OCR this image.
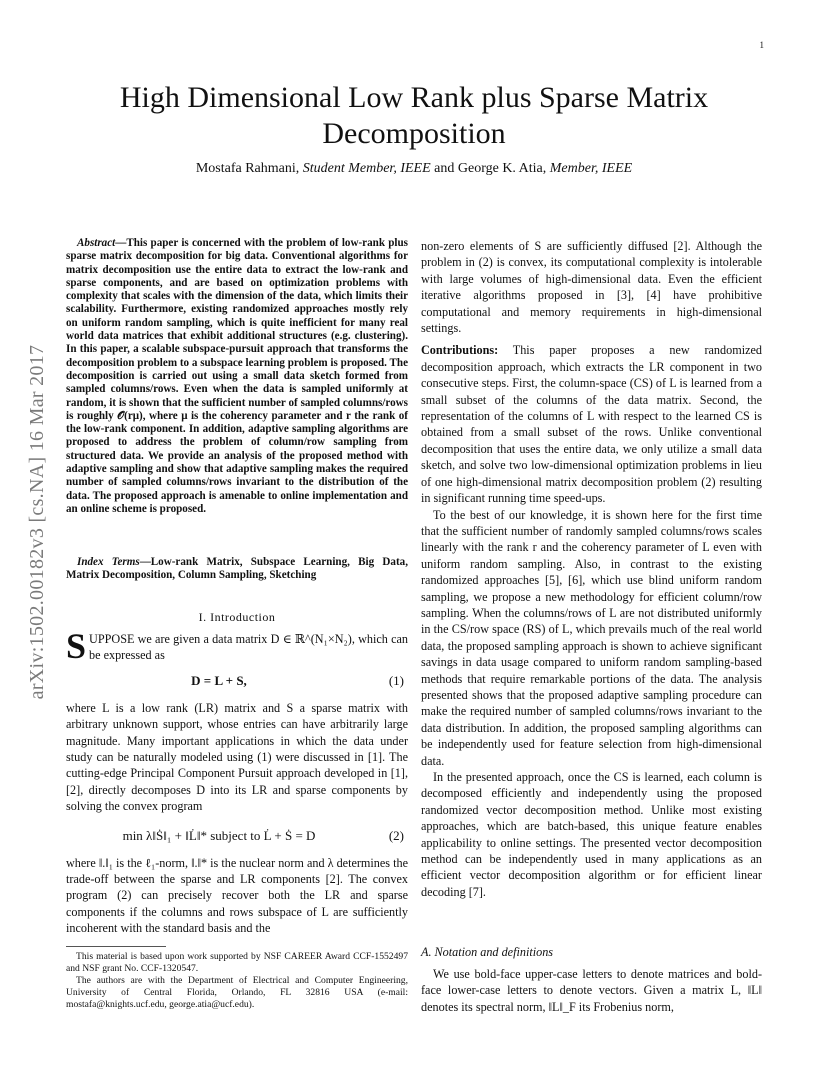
1
arXiv:1502.00182v3 [cs.NA] 16 Mar 2017
High Dimensional Low Rank plus Sparse Matrix Decomposition
Mostafa Rahmani, Student Member, IEEE and George K. Atia, Member, IEEE

Abstract—This paper is concerned with the problem of low-rank plus sparse matrix decomposition for big data. Conventional algorithms for matrix decomposition use the entire data to extract the low-rank and sparse components, and are based on optimization problems with complexity that scales with the dimension of the data, which limits their scalability. Furthermore, existing randomized approaches mostly rely on uniform random sampling, which is quite inefficient for many real world data matrices that exhibit additional structures (e.g. clustering). In this paper, a scalable subspace-pursuit approach that transforms the decomposition problem to a subspace learning problem is proposed. The decomposition is carried out using a small data sketch formed from sampled columns/rows. Even when the data is sampled uniformly at random, it is shown that the sufficient number of sampled columns/rows is roughly 𝒪(rμ), where μ is the coherency parameter and r the rank of the low-rank component. In addition, adaptive sampling algorithms are proposed to address the problem of column/row sampling from structured data. We provide an analysis of the proposed method with adaptive sampling and show that adaptive sampling makes the required number of sampled columns/rows invariant to the distribution of the data. The proposed approach is amenable to online implementation and an online scheme is proposed.

Index Terms—Low-rank Matrix, Subspace Learning, Big Data, Matrix Decomposition, Column Sampling, Sketching

I. Introduction

SUPPOSE we are given a data matrix D ∈ ℝ^(N₁×N₂), which can be expressed as

D = L + S,	(1)

where L is a low rank (LR) matrix and S a sparse matrix with arbitrary unknown support, whose entries can have arbitrarily large magnitude. Many important applications in which the data under study can be naturally modeled using (1) were discussed in [1]. The cutting-edge Principal Component Pursuit approach developed in [1], [2], directly decomposes D into its LR and sparse components by solving the convex program

min λ‖Ṡ‖₁ + ‖L̇‖* subject to L̇ + Ṡ = D	(2)

where ‖.‖₁ is the ℓ₁-norm, ‖.‖* is the nuclear norm and λ determines the trade-off between the sparse and LR components [2]. The convex program (2) can precisely recover both the LR and sparse components if the columns and rows subspace of L are sufficiently incoherent with the standard basis and the

This material is based upon work supported by NSF CAREER Award CCF-1552497 and NSF grant No. CCF-1320547.

The authors are with the Department of Electrical and Computer Engineering, University of Central Florida, Orlando, FL 32816 USA (e-mail: mostafa@knights.ucf.edu, george.atia@ucf.edu).

non-zero elements of S are sufficiently diffused [2]. Although the problem in (2) is convex, its computational complexity is intolerable with large volumes of high-dimensional data. Even the efficient iterative algorithms proposed in [3], [4] have prohibitive computational and memory requirements in high-dimensional settings.

Contributions: This paper proposes a new randomized decomposition approach, which extracts the LR component in two consecutive steps. First, the column-space (CS) of L is learned from a small subset of the columns of the data matrix. Second, the representation of the columns of L with respect to the learned CS is obtained from a small subset of the rows. Unlike conventional decomposition that uses the entire data, we only utilize a small data sketch, and solve two low-dimensional optimization problems in lieu of one high-dimensional matrix decomposition problem (2) resulting in significant running time speed-ups.

To the best of our knowledge, it is shown here for the first time that the sufficient number of randomly sampled columns/rows scales linearly with the rank r and the coherency parameter of L even with uniform random sampling. Also, in contrast to the existing randomized approaches [5], [6], which use blind uniform random sampling, we propose a new methodology for efficient column/row sampling. When the columns/rows of L are not distributed uniformly in the CS/row space (RS) of L, which prevails much of the real world data, the proposed sampling approach is shown to achieve significant savings in data usage compared to uniform random sampling-based methods that require remarkable portions of the data. The analysis presented shows that the proposed adaptive sampling procedure can make the required number of sampled columns/rows invariant to the data distribution. In addition, the proposed sampling algorithms can be independently used for feature selection from high-dimensional data.

In the presented approach, once the CS is learned, each column is decomposed efficiently and independently using the proposed randomized vector decomposition method. Unlike most existing approaches, which are batch-based, this unique feature enables applicability to online settings. The presented vector decomposition method can be independently used in many applications as an efficient vector decomposition algorithm or for efficient linear decoding [7].

A. Notation and definitions

We use bold-face upper-case letters to denote matrices and bold-face lower-case letters to denote vectors. Given a matrix L, ‖L‖ denotes its spectral norm, ‖L‖_F its Frobenius norm,
